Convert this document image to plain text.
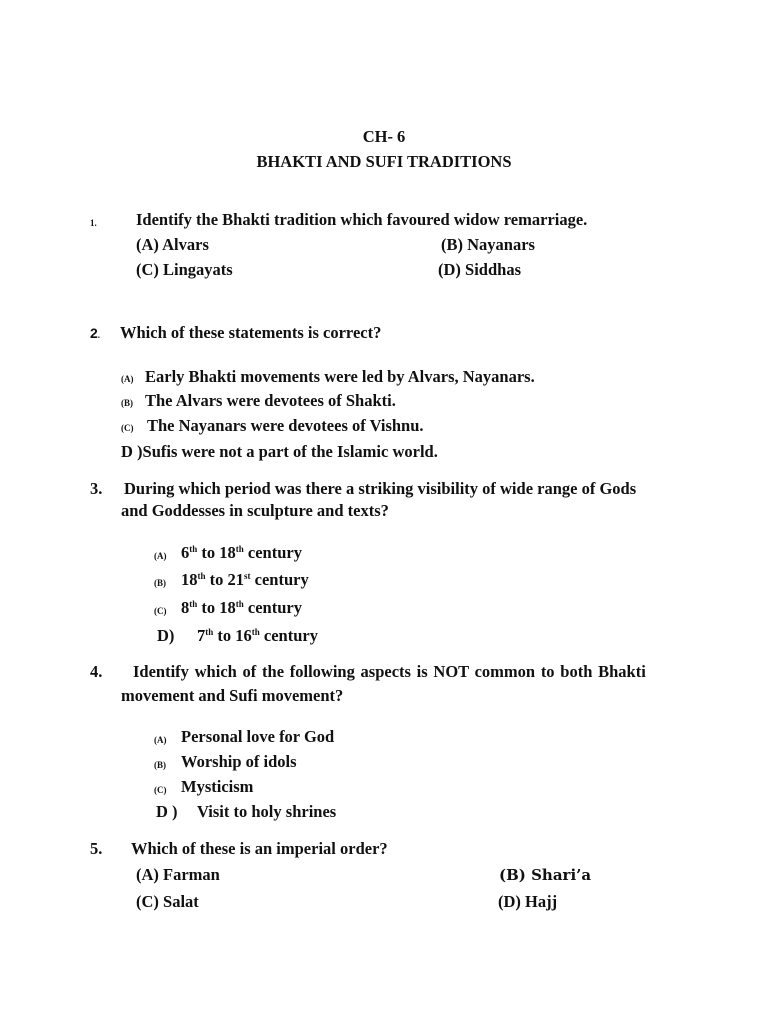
CH- 6
BHAKTI AND SUFI TRADITIONS
1. Identify the Bhakti tradition which favoured widow remarriage.
(A) Alvars	(B) Nayanars
(C) Lingayats	(D) Siddhas
2. Which of these statements is correct?
(A) Early Bhakti movements were led by Alvars, Nayanars.
(B) The Alvars were devotees of Shakti.
(C) The Nayanars were devotees of Vishnu.
D )Sufis were not a part of the Islamic world.
3. During which period was there a striking visibility of wide range of Gods
and Goddesses in sculpture and texts?
(A) 6th to 18th century
(B) 18th to 21st century
(C) 8th to 18th century
D) 7th to 16th century
4. Identify which of the following aspects is NOT common to both Bhakti
movement and Sufi movement?
(A) Personal love for God
(B) Worship of idols
(C) Mysticism
D ) Visit to holy shrines
5. Which of these is an imperial order?
(A) Farman	(B) Shari’a
(C) Salat	(D) Hajj
